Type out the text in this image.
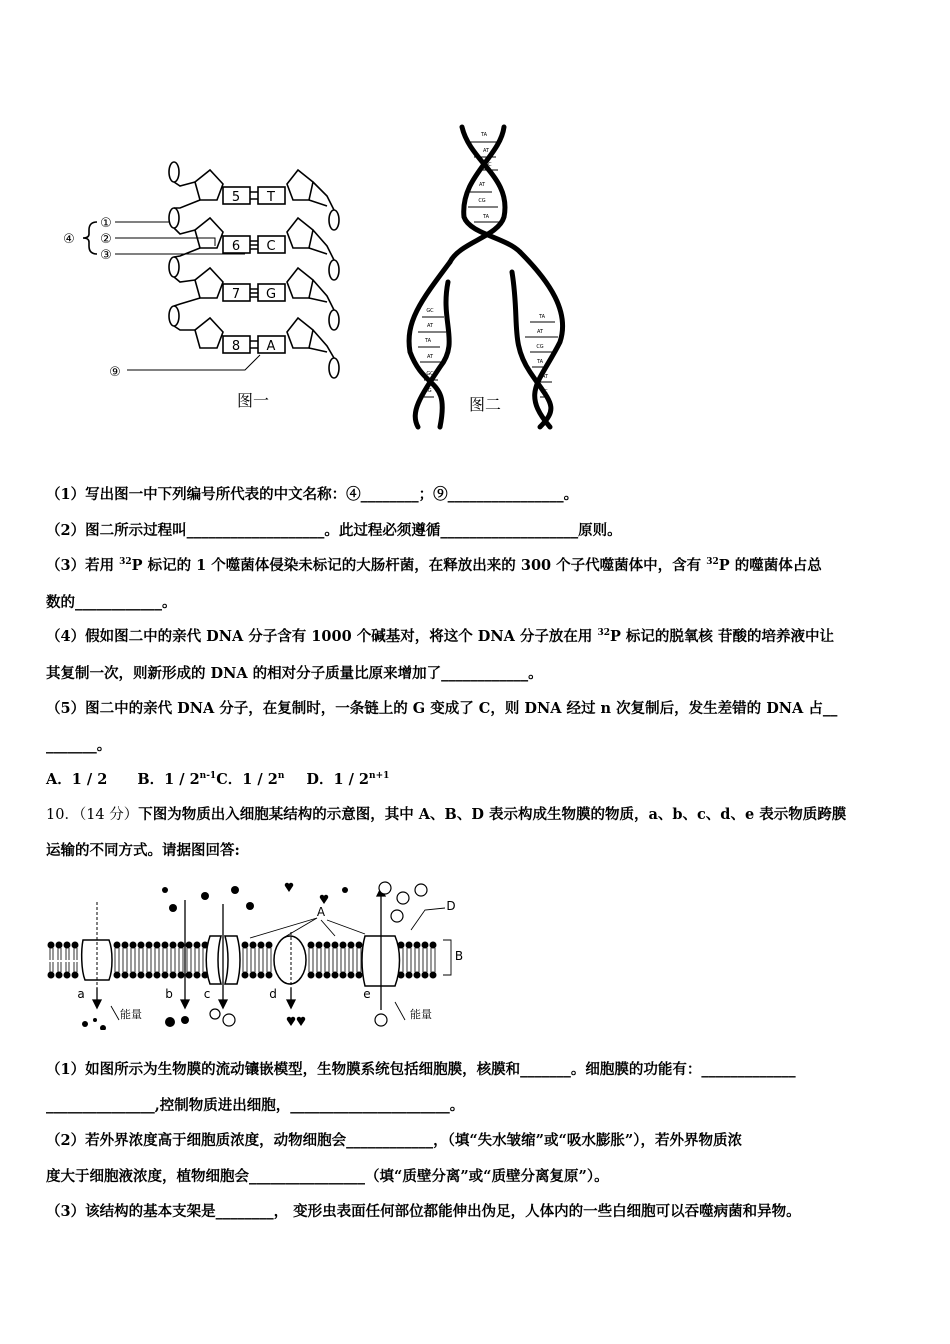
④
①
②
③
⑨
5 T
6 C
7 G
8 A
图一
TA
AT
GC
AT
CG
TA
GC
AT
TA
AT
GC
CG
TA
AT
CG
TA
AT
GC
图二
（1）写出图一中下列编号所代表的中文名称：④________；⑨________________。
（2）图二所示过程叫___________________。此过程必须遵循___________________原则。
（3）若用 $^{32}$P 标记的 1 个噬菌体侵染未标记的大肠杆菌，在释放出来的 300 个子代噬菌体中，含有 $^{32}$P 的噬菌体占总
数的____________。
（4）假如图二中的亲代 DNA 分子含有 1000 个碱基对，将这个 DNA 分子放在用 $^{32}$P 标记的脱氧核 苷酸的培养液中让
其复制一次，则新形成的 DNA 的相对分子质量比原来增加了____________。
（5）图二中的亲代 DNA 分子，在复制时，一条链上的 G 变成了 C，则 DNA 经过 n 次复制后，发生差错的 DNA 占__
_______。
A．1 / 2 B．1 / 2$^{n-1}$C．1 / 2$^n$ D．$1 / 2^{n+1}$
10．（14 分）下图为物质出入细胞某结构的示意图，其中 A、B、D 表示构成生物膜的物质，a、b、c、d、e 表示物质跨膜
运输的不同方式。请据图回答:
A	D
B
a	b	c	d	e
能量	能量
（1）如图所示为生物膜的流动镶嵌模型，生物膜系统包括细胞膜，核膜和_______。细胞膜的功能有：_____________
_______________,控制物质进出细胞，______________________。
（2）若外界浓度高于细胞质浓度，动物细胞会____________，（填“失水皱缩”或“吸水膨胀”），若外界物质浓
度大于细胞液浓度，植物细胞会________________（填“质壁分离”或“质壁分离复原”）。
（3）该结构的基本支架是________， 变形虫表面任何部位都能伸出伪足，人体内的一些白细胞可以吞噬病菌和异物。
